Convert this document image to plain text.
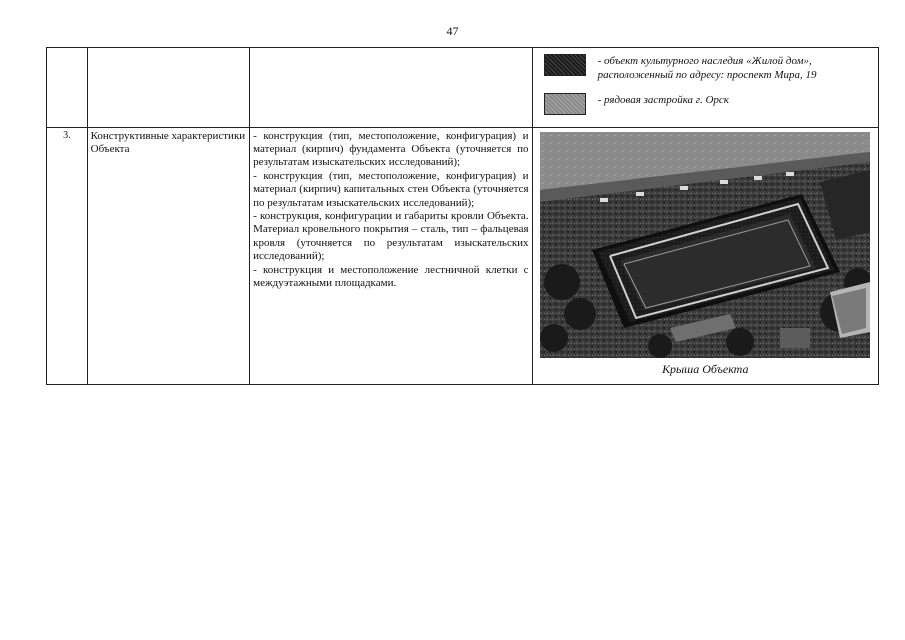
47

			- объект культурного наследия «Жилой дом», расположенный по адресу: проспект Мира, 19
- рядовая застройка г. Орск

3.	Конструктивные характеристики Объекта	- конструкция (тип, местоположение, конфигурация) и материал (кирпич) фундамента Объекта (уточняется по результатам изыскательских исследований);

- конструкция (тип, местоположение, конфигурация) и материал (кирпич) капитальных стен Объекта (уточняется по результатам изыскательских исследований);

- конструкция, конфигурации и габариты кровли Объекта. Материал кровельного покрытия – сталь, тип – фальцевая кровля (уточняется по результатам изыскательских исследований);

- конструкция и местоположение лестничной клетки с междуэтажными площадками.	Крыша Объекта
